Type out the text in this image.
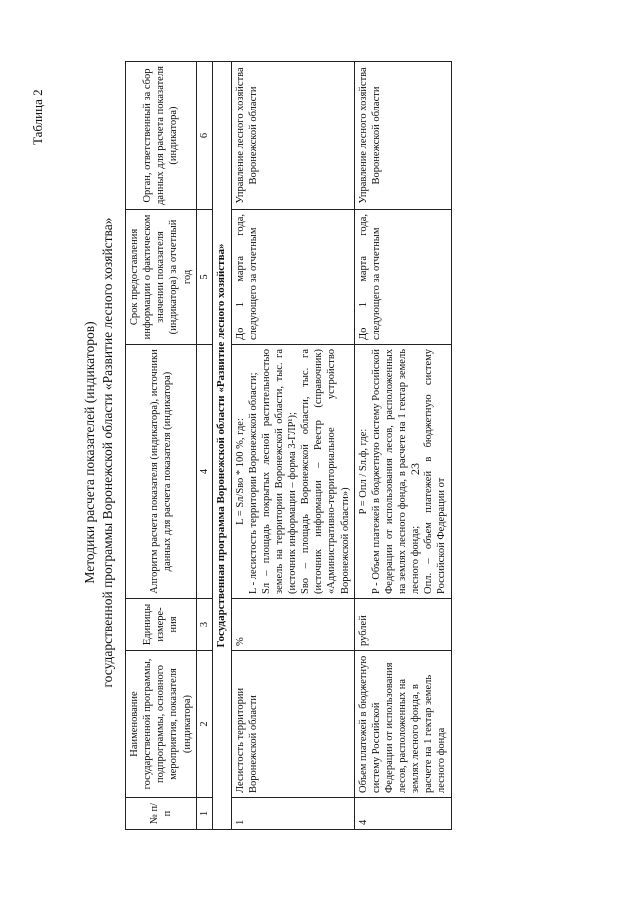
23
Таблица 2
Методики расчета показателей (индикаторов) государственной программы Воронежской области «Развитие лесного хозяйства»
№ п/п	Наименование государственной программы, подпрограммы, основного мероприятия, показателя (индикатора)	Единицы измере-ния	Алгоритм расчета показателя (индикатора), источники данных для расчета показателя (индикатора)	Срок предоставления информации о фактическом значении показателя (индикатора) за отчетный год	Орган, ответственный за сбор данных для расчета показателя (индикатора)
1	2	3	4	5	6
Государственная программа Воронежской области «Развитие лесного хозяйства»					
1	Лесистость территории Воронежской области	%	L = Sл/Sво * 100 %, где: L - лесистость территории Воронежской области; Sл – площадь покрытых лесной растительностью земель на территории Воронежской области, тыс. га (источник информации – форма 3-ГЛР¹); Sво – площадь Воронежской области, тыс. га (источник информации – Реестр (справочник) «Административно-территориальное устройство Воронежской области»)	До 1 марта года, следующего за отчетным	Управление лесного хозяйства Воронежской области
4	Объем платежей в бюджетную систему Российской Федерации от использования лесов, расположенных на землях лесного фонда, в расчете на 1 гектар земель лесного фонда	рублей	P = Опл / Sл.ф, где: P - Объем платежей в бюджетную систему Российской Федерации от использования лесов, расположенных на землях лесного фонда, в расчете на 1 гектар земель лесного фонда; Опл. – объем платежей в бюджетную систему Российской Федерации от	До 1 марта года, следующего за отчетным	Управление лесного хозяйства Воронежской области
